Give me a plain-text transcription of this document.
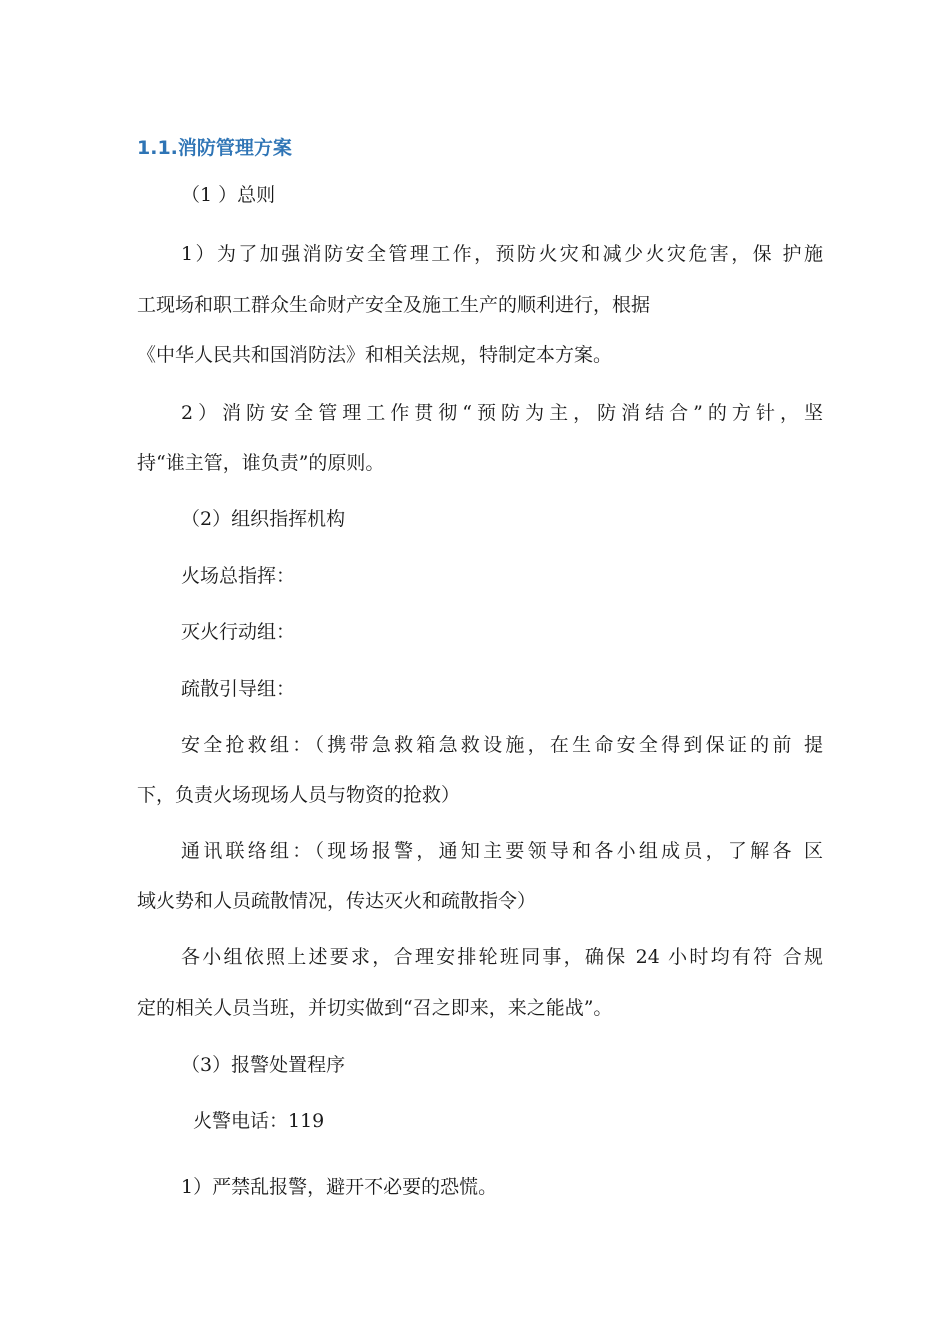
1.1.消防管理方案
（1 ）总则
1）为了加强消防安全管理工作，预防火灾和减少火灾危害，保 护施
工现场和职工群众生命财产安全及施工生产的顺利进行，根据
《中华人民共和国消防法》和相关法规，特制定本方案。
2）消防安全管理工作贯彻“预防为主，防消结合”的方针，坚
持“谁主管，谁负责”的原则。
（2）组织指挥机构
火场总指挥：
灭火行动组：
疏散引导组：
安全抢救组：（携带急救箱急救设施，在生命安全得到保证的前 提
下，负责火场现场人员与物资的抢救）
通讯联络组：（现场报警，通知主要领导和各小组成员，了解各 区
域火势和人员疏散情况，传达灭火和疏散指令）
各小组依照上述要求，合理安排轮班同事，确保 24 小时均有符 合规
定的相关人员当班，并切实做到“召之即来，来之能战”。
（3）报警处置程序
火警电话：119
1）严禁乱报警，避开不必要的恐慌。
